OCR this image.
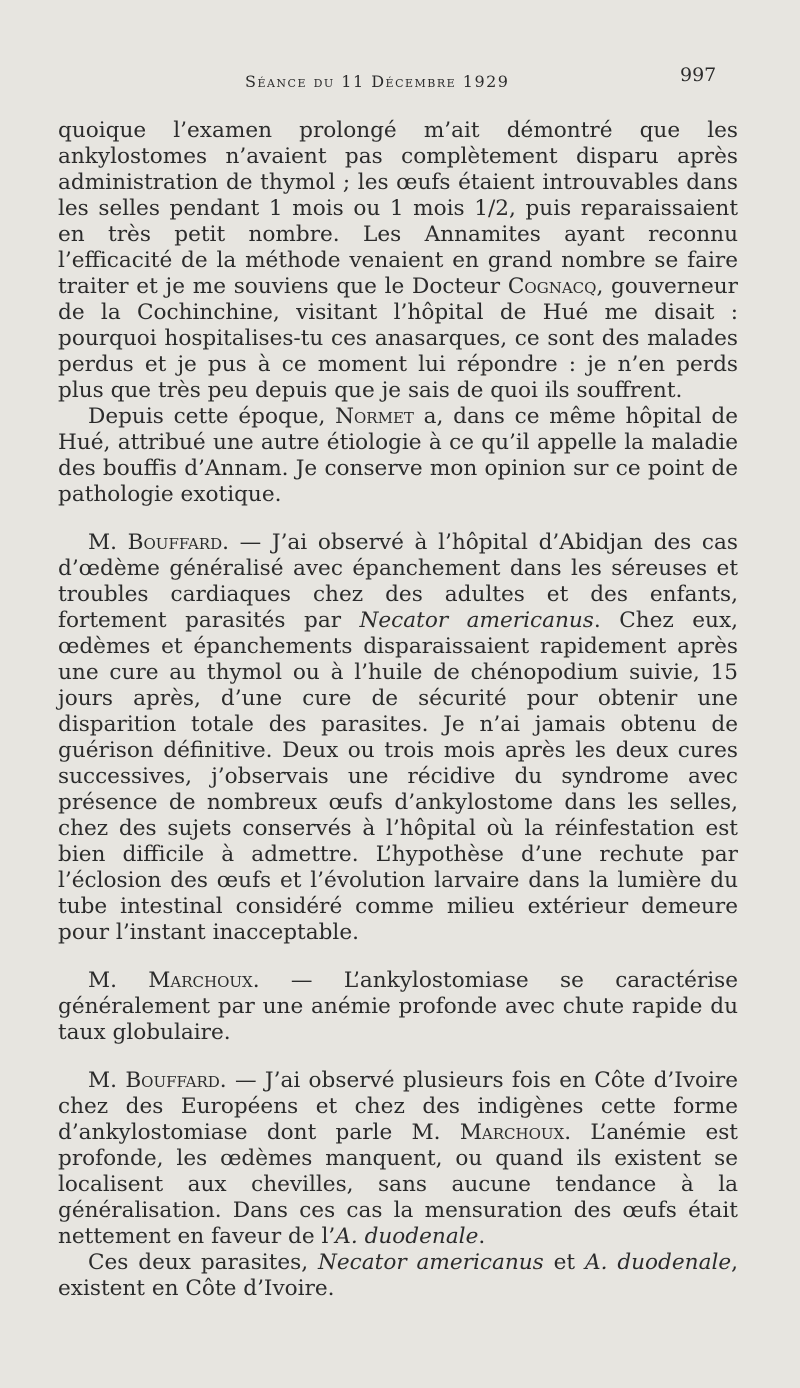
Séance du 11 Décembre 1929	997

quoique l’examen prolongé m’ait démontré que les ankylostomes n’avaient pas complètement disparu après administration de thymol ; les œufs étaient introuvables dans les selles pendant 1 mois ou 1 mois 1/2, puis reparaissaient en très petit nombre. Les Annamites ayant reconnu l’efficacité de la méthode venaient en grand nombre se faire traiter et je me souviens que le Docteur Cognacq, gouverneur de la Cochinchine, visitant l’hôpital de Hué me disait : pourquoi hospitalises-tu ces anasarques, ce sont des malades perdus et je pus à ce moment lui répondre : je n’en perds plus que très peu depuis que je sais de quoi ils souffrent.

Depuis cette époque, Normet a, dans ce même hôpital de Hué, attribué une autre étiologie à ce qu’il appelle la maladie des bouffis d’Annam. Je conserve mon opinion sur ce point de pathologie exotique.

M. Bouffard. — J’ai observé à l’hôpital d’Abidjan des cas d’œdème généralisé avec épanchement dans les séreuses et troubles cardiaques chez des adultes et des enfants, fortement parasités par Necator americanus. Chez eux, œdèmes et épanchements disparaissaient rapidement après une cure au thymol ou à l’huile de chénopodium suivie, 15 jours après, d’une cure de sécurité pour obtenir une disparition totale des parasites. Je n’ai jamais obtenu de guérison définitive. Deux ou trois mois après les deux cures successives, j’observais une récidive du syndrome avec présence de nombreux œufs d’ankylostome dans les selles, chez des sujets conservés à l’hôpital où la réinfestation est bien difficile à admettre. L’hypothèse d’une rechute par l’éclosion des œufs et l’évolution larvaire dans la lumière du tube intestinal considéré comme milieu extérieur demeure pour l’instant inacceptable.

M. Marchoux. — L’ankylostomiase se caractérise généralement par une anémie profonde avec chute rapide du taux globulaire.

M. Bouffard. — J’ai observé plusieurs fois en Côte d’Ivoire chez des Européens et chez des indigènes cette forme d’ankylostomiase dont parle M. Marchoux. L’anémie est profonde, les œdèmes manquent, ou quand ils existent se localisent aux chevilles, sans aucune tendance à la généralisation. Dans ces cas la mensuration des œufs était nettement en faveur de l’A. duodenale.

Ces deux parasites, Necator americanus et A. duodenale, existent en Côte d’Ivoire.
